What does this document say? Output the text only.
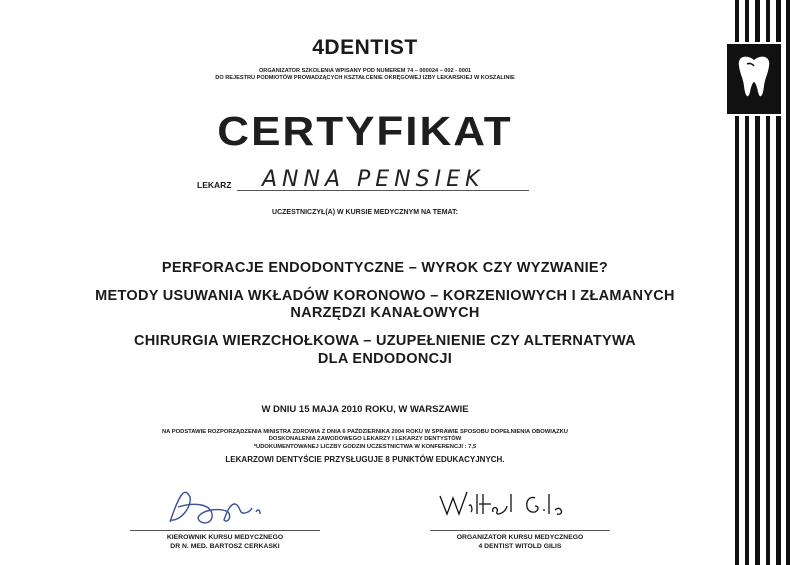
4DENTIST
ORGANIZATOR SZKOLENIA WPISANY POD NUMEREM 74 – 000024 – 002 - 0001
DO REJESTRU PODMIOTÓW PROWADZĄCYCH KSZTAŁCENIE OKRĘGOWEJ IZBY LEKARSKIEJ W KOSZALINIE
CERTYFIKAT
LEKARZ ANNA PENSIEK
UCZESTNICZYŁ(A) W KURSIE MEDYCZNYM NA TEMAT:
PERFORACJE ENDODONTYCZNE – WYROK CZY WYZWANIE?
METODY USUWANIA WKŁADÓW KORONOWO – KORZENIOWYCH I ZŁAMANYCH
NARZĘDZI KANAŁOWYCH
CHIRURGIA WIERZCHOŁKOWA – UZUPEŁNIENIE CZY ALTERNATYWA
DLA ENDODONCJI
W DNIU 15 MAJA 2010 ROKU, W WARSZAWIE
NA PODSTAWIE ROZPORZĄDZENIA MINISTRA ZDROWIA Z DNIA 6 PAŹDZIERNIKA 2004 ROKU W SPRAWIE SPOSOBU DOPEŁNIENIA OBOWIĄZKU
DOSKONALENIA ZAWODOWEGO LEKARZY I LEKARZY DENTYSTÓW
*UDOKUMENTOWANEJ LICZBY GODZIN UCZESTNICTWA W KONFERENCJI : 7,5
LEKARZOWI DENTYŚCIE PRZYSŁUGUJE 8 PUNKTÓW EDUKACYJNYCH.
KIEROWNIK KURSU MEDYCZNEGO
DR N. MED. BARTOSZ CERKASKI
ORGANIZATOR KURSU MEDYCZNEGO
4 DENTIST WITOLD GILIS
